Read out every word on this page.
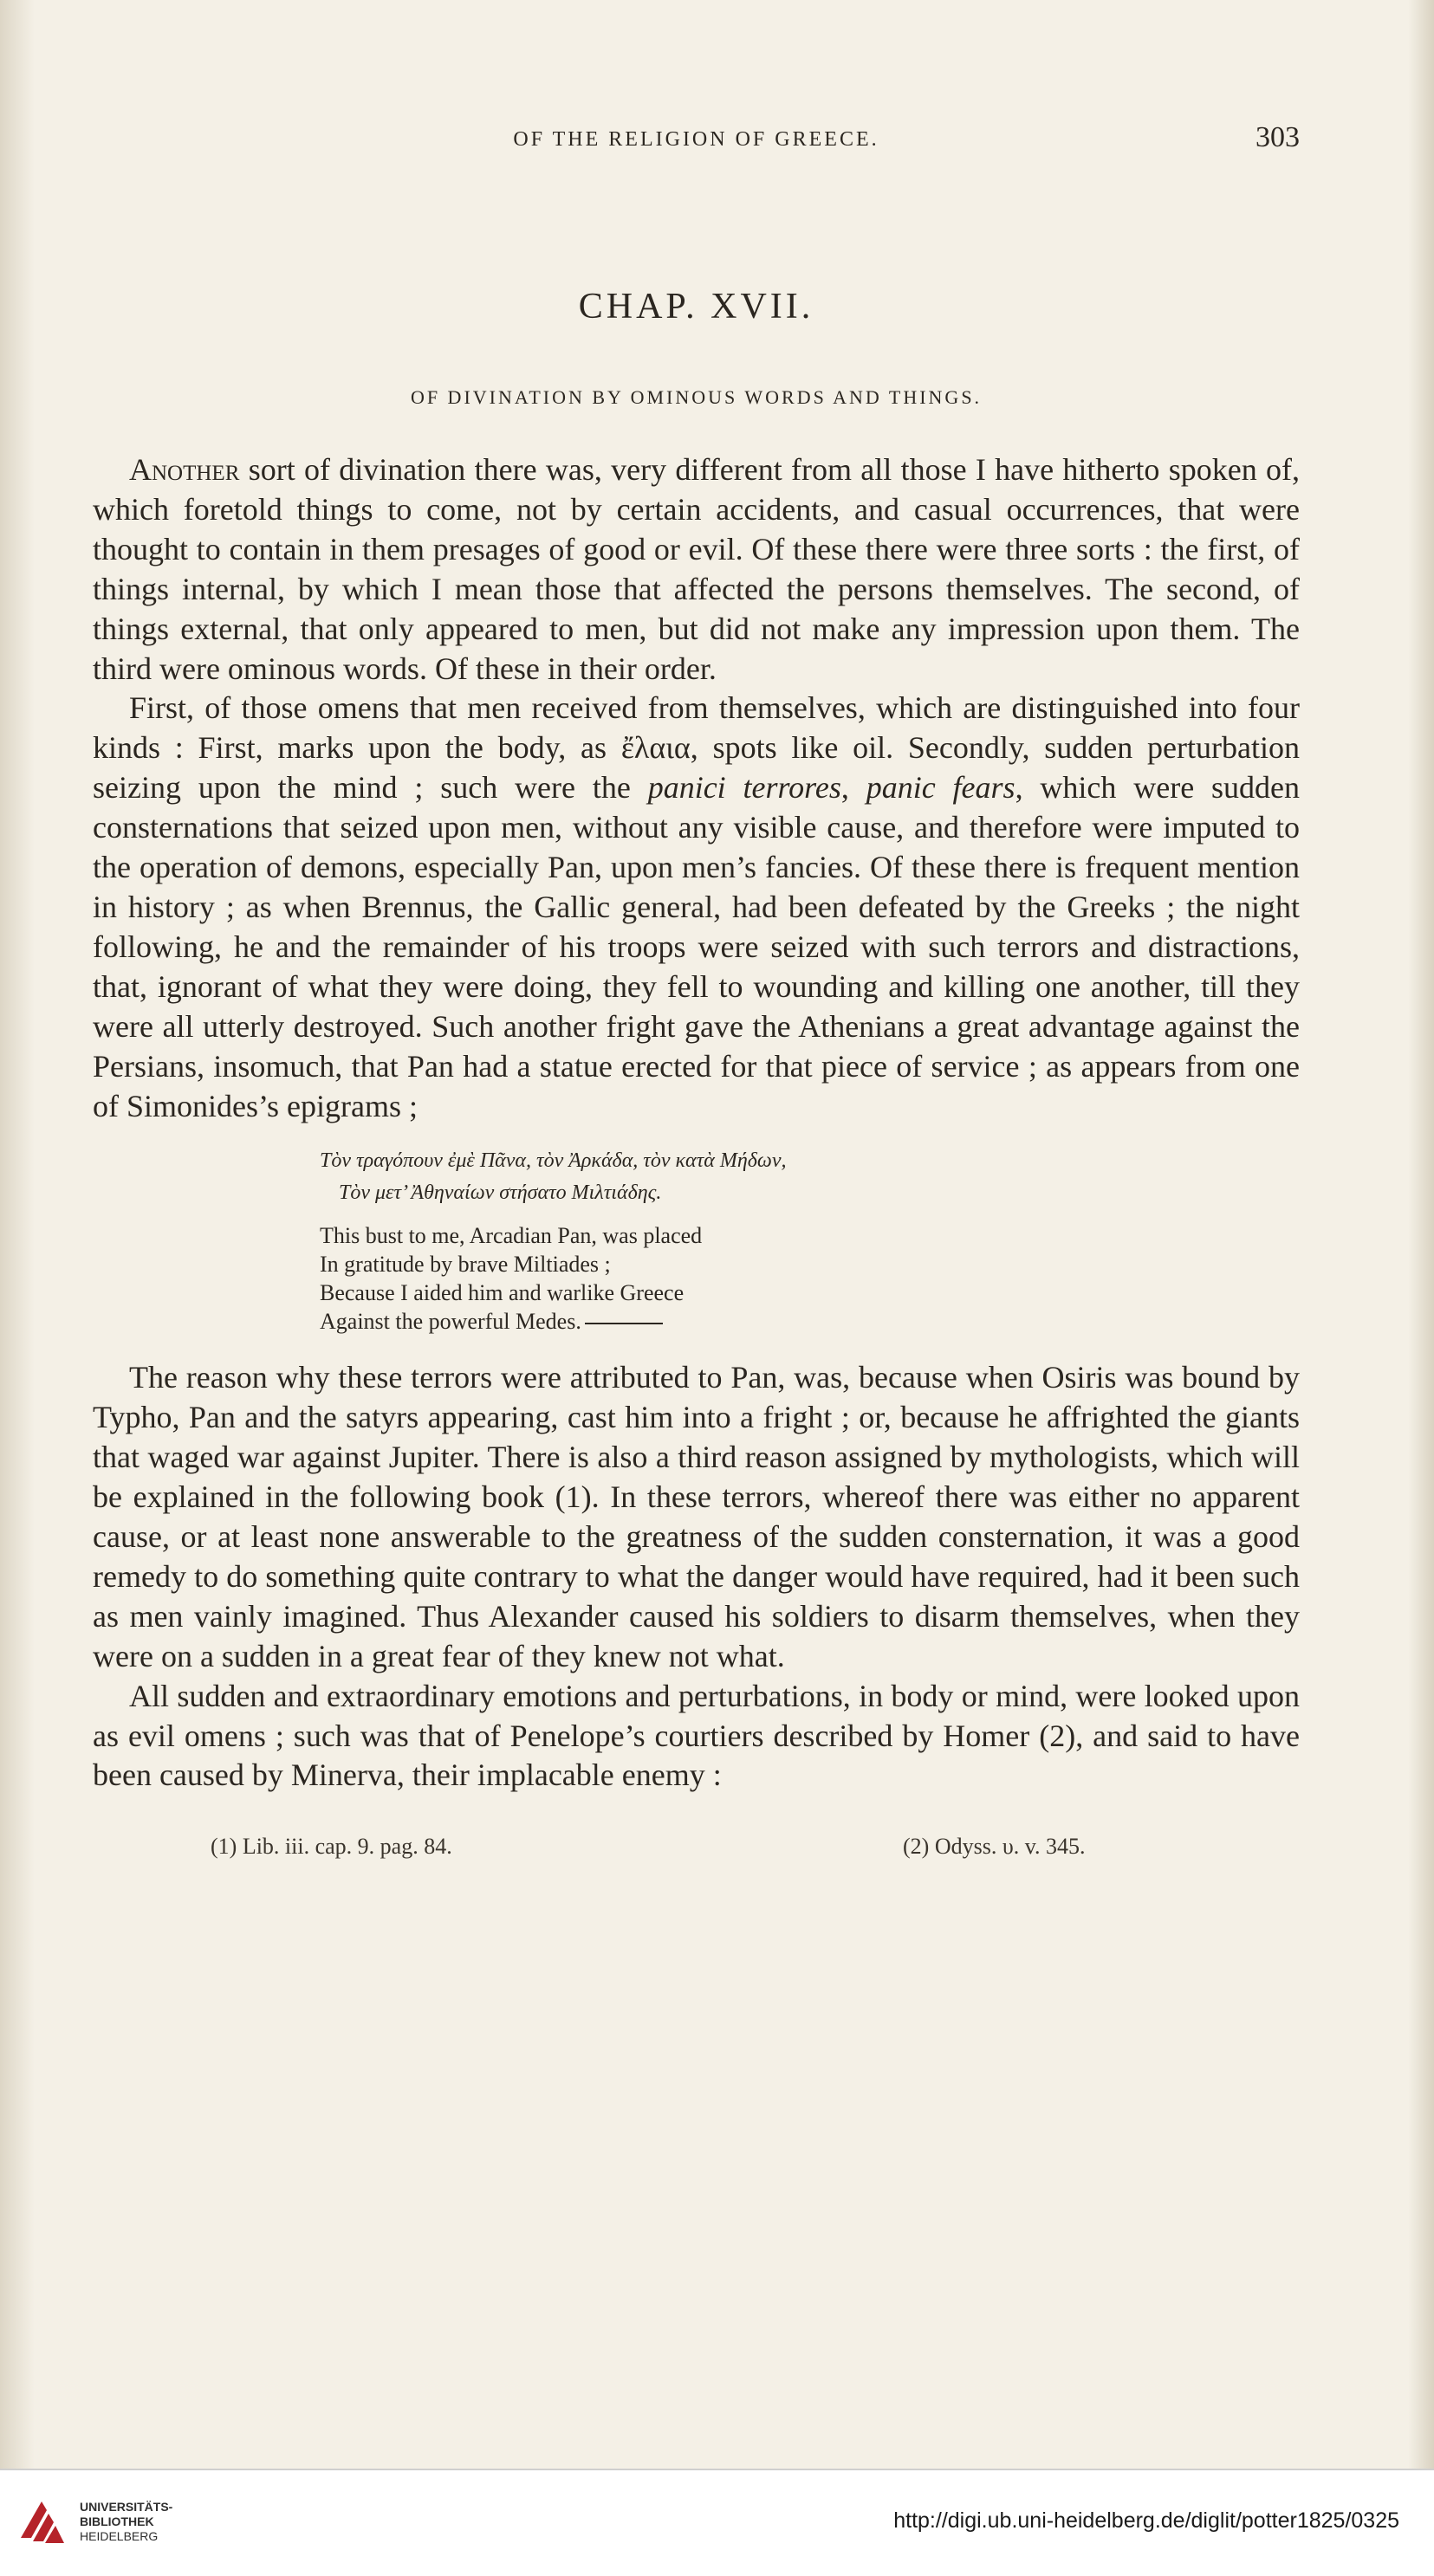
OF THE RELIGION OF GREECE.	303
CHAP. XVII.
OF DIVINATION BY OMINOUS WORDS AND THINGS.

Another sort of divination there was, very different from all those I have hitherto spoken of, which foretold things to come, not by certain accidents, and casual occurrences, that were thought to contain in them presages of good or evil. Of these there were three sorts : the first, of things internal, by which I mean those that affected the persons themselves. The second, of things external, that only appeared to men, but did not make any impression upon them. The third were ominous words. Of these in their order.

First, of those omens that men received from themselves, which are distinguished into four kinds : First, marks upon the body, as ἔλαια, spots like oil. Secondly, sudden perturbation seizing upon the mind ; such were the panici terrores, panic fears, which were sudden consternations that seized upon men, without any visible cause, and therefore were imputed to the operation of demons, especially Pan, upon men’s fancies. Of these there is frequent mention in history ; as when Brennus, the Gallic general, had been defeated by the Greeks ; the night following, he and the remainder of his troops were seized with such terrors and distractions, that, ignorant of what they were doing, they fell to wounding and killing one another, till they were all utterly destroyed. Such another fright gave the Athenians a great advantage against the Persians, insomuch, that Pan had a statue erected for that piece of service ; as appears from one of Simonides’s epigrams ;

Τὸν τραγόπουν ἐμὲ Πᾶνα, τὸν Ἀρκάδα, τὸν κατὰ Μήδων,

Τὸν μετ’ Ἀθηναίων στήσατο Μιλτιάδης.

This bust to me, Arcadian Pan, was placed

In gratitude by brave Miltiades ;

Because I aided him and warlike Greece

Against the powerful Medes.

The reason why these terrors were attributed to Pan, was, because when Osiris was bound by Typho, Pan and the satyrs appearing, cast him into a fright ; or, because he affrighted the giants that waged war against Jupiter. There is also a third reason assigned by mythologists, which will be explained in the following book (1). In these terrors, whereof there was either no apparent cause, or at least none answerable to the greatness of the sudden consternation, it was a good remedy to do something quite contrary to what the danger would have required, had it been such as men vainly imagined. Thus Alexander caused his soldiers to disarm themselves, when they were on a sudden in a great fear of they knew not what.

All sudden and extraordinary emotions and perturbations, in body or mind, were looked upon as evil omens ; such was that of Penelope’s courtiers described by Homer (2), and said to have been caused by Minerva, their implacable enemy :

(1) Lib. iii. cap. 9. pag. 84.	(2) Odyss. υ. v. 345.
UNIVERSITÄTS-
BIBLIOTHEK
HEIDELBERG
http://digi.ub.uni-heidelberg.de/diglit/potter1825/0325
